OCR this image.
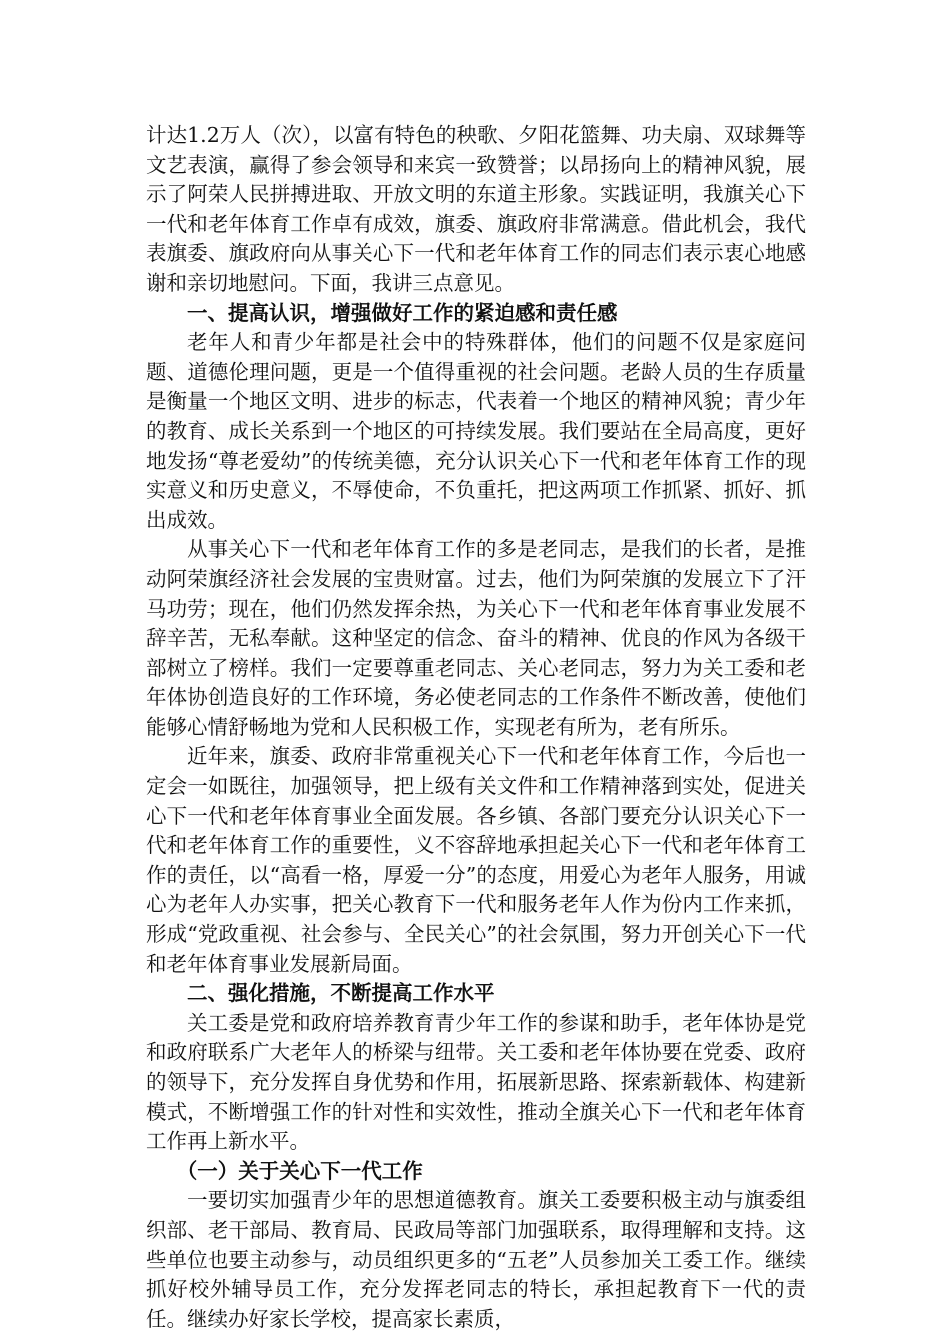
计达1.2万人（次），以富有特色的秧歌、夕阳花篮舞、功夫扇、双球舞等文艺表演，赢得了参会领导和来宾一致赞誉；以昂扬向上的精神风貌，展示了阿荣人民拼搏进取、开放文明的东道主形象。实践证明，我旗关心下一代和老年体育工作卓有成效，旗委、旗政府非常满意。借此机会，我代表旗委、旗政府向从事关心下一代和老年体育工作的同志们表示衷心地感谢和亲切地慰问。下面，我讲三点意见。

一、提高认识，增强做好工作的紧迫感和责任感

老年人和青少年都是社会中的特殊群体，他们的问题不仅是家庭问题、道德伦理问题，更是一个值得重视的社会问题。老龄人员的生存质量是衡量一个地区文明、进步的标志，代表着一个地区的精神风貌；青少年的教育、成长关系到一个地区的可持续发展。我们要站在全局高度，更好地发扬“尊老爱幼”的传统美德，充分认识关心下一代和老年体育工作的现实意义和历史意义，不辱使命，不负重托，把这两项工作抓紧、抓好、抓出成效。

从事关心下一代和老年体育工作的多是老同志，是我们的长者，是推动阿荣旗经济社会发展的宝贵财富。过去，他们为阿荣旗的发展立下了汗马功劳；现在，他们仍然发挥余热，为关心下一代和老年体育事业发展不辞辛苦，无私奉献。这种坚定的信念、奋斗的精神、优良的作风为各级干部树立了榜样。我们一定要尊重老同志、关心老同志，努力为关工委和老年体协创造良好的工作环境，务必使老同志的工作条件不断改善，使他们能够心情舒畅地为党和人民积极工作，实现老有所为，老有所乐。

近年来，旗委、政府非常重视关心下一代和老年体育工作，今后也一定会一如既往，加强领导，把上级有关文件和工作精神落到实处，促进关心下一代和老年体育事业全面发展。各乡镇、各部门要充分认识关心下一代和老年体育工作的重要性，义不容辞地承担起关心下一代和老年体育工作的责任，以“高看一格，厚爱一分”的态度，用爱心为老年人服务，用诚心为老年人办实事，把关心教育下一代和服务老年人作为份内工作来抓，形成“党政重视、社会参与、全民关心”的社会氛围，努力开创关心下一代和老年体育事业发展新局面。

二、强化措施，不断提高工作水平

关工委是党和政府培养教育青少年工作的参谋和助手，老年体协是党和政府联系广大老年人的桥梁与纽带。关工委和老年体协要在党委、政府的领导下，充分发挥自身优势和作用，拓展新思路、探索新载体、构建新模式，不断增强工作的针对性和实效性，推动全旗关心下一代和老年体育工作再上新水平。

（一）关于关心下一代工作

一要切实加强青少年的思想道德教育。旗关工委要积极主动与旗委组织部、老干部局、教育局、民政局等部门加强联系，取得理解和支持。这些单位也要主动参与，动员组织更多的“五老”人员参加关工委工作。继续抓好校外辅导员工作，充分发挥老同志的特长，承担起教育下一代的责任。继续办好家长学校，提高家长素质，
